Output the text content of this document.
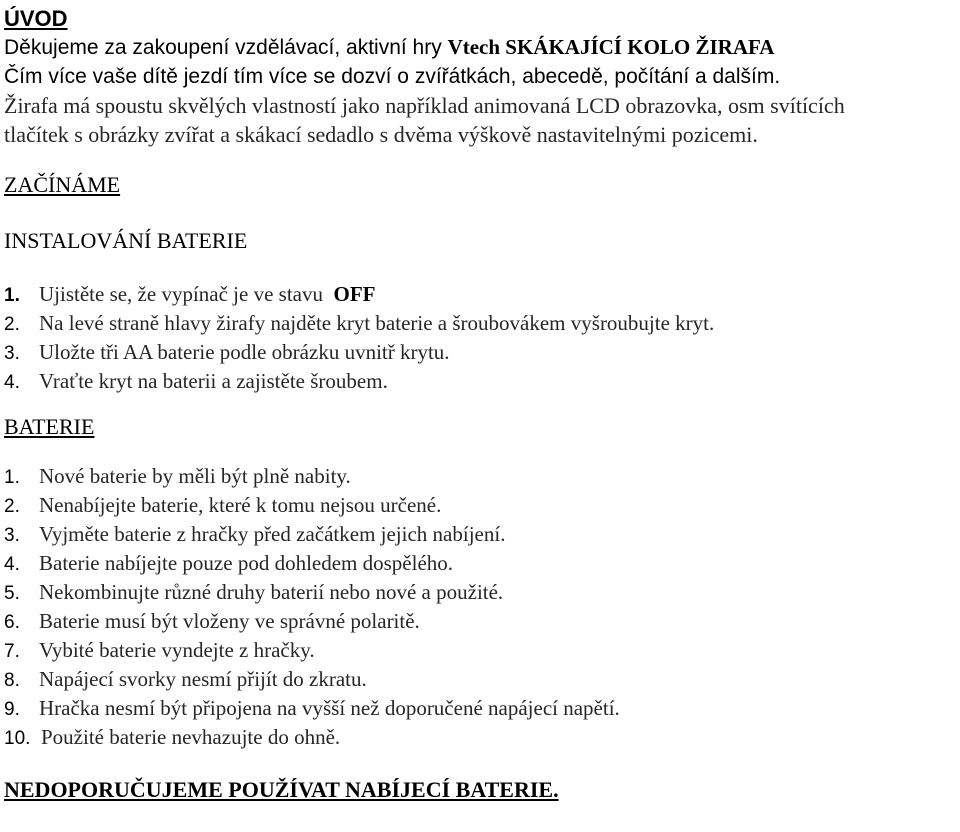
ÚVOD
Děkujeme za zakoupení vzdělávací, aktivní hry Vtech SKÁKAJÍCÍ KOLO ŽIRAFA
Čím více vaše dítě jezdí tím více se dozví o zvířátkách, abecedě, počítání a dalším.
Žirafa má spoustu skvělých vlastností jako například animovaná LCD obrazovka, osm svítících
tlačítek s obrázky zvířat a skákací sedadlo s dvěma výškově nastavitelnými pozicemi.
ZAČÍNÁME
INSTALOVÁNÍ BATERIE
1. Ujistěte se, že vypínač je ve stavu OFF
2. Na levé straně hlavy žirafy najděte kryt baterie a šroubovákem vyšroubujte kryt.
3. Uložte tři AA baterie podle obrázku uvnitř krytu.
4. Vraťte kryt na baterii a zajistěte šroubem.
BATERIE
1. Nové baterie by měli být plně nabity.
2. Nenabíjejte baterie, které k tomu nejsou určené.
3. Vyjměte baterie z hračky před začátkem jejich nabíjení.
4. Baterie nabíjejte pouze pod dohledem dospělého.
5. Nekombinujte různé druhy baterií nebo nové a použité.
6. Baterie musí být vloženy ve správné polaritě.
7. Vybité baterie vyndejte z hračky.
8. Napájecí svorky nesmí přijít do zkratu.
9. Hračka nesmí být připojena na vyšší než doporučené napájecí napětí.
10. Použité baterie nevhazujte do ohně.
NEDOPORUČUJEME POUŽÍVAT NABÍJECÍ BATERIE.
